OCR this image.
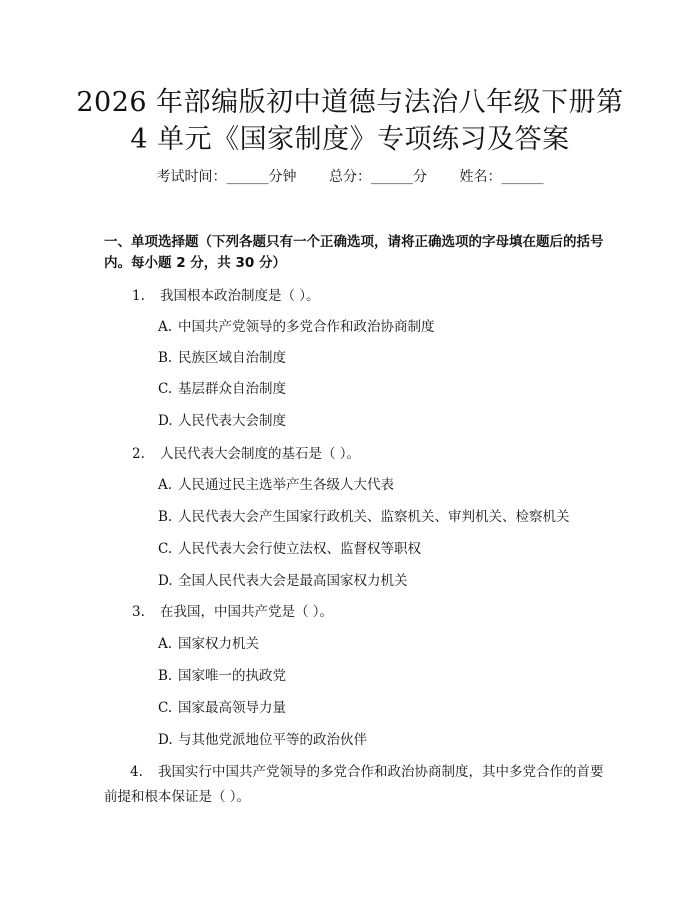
2026 年部编版初中道德与法治八年级下册第
4 单元《国家制度》专项练习及答案
考试时间：______分钟 总分：______分 姓名：______
一、单项选择题（下列各题只有一个正确选项，请将正确选项的字母填在题后的括号内。每小题 2 分，共 30 分）
1. 我国根本政治制度是（ ）。
A. 中国共产党领导的多党合作和政治协商制度
B. 民族区域自治制度
C. 基层群众自治制度
D. 人民代表大会制度
2. 人民代表大会制度的基石是（ ）。
A. 人民通过民主选举产生各级人大代表
B. 人民代表大会产生国家行政机关、监察机关、审判机关、检察机关
C. 人民代表大会行使立法权、监督权等职权
D. 全国人民代表大会是最高国家权力机关
3. 在我国，中国共产党是（ ）。
A. 国家权力机关
B. 国家唯一的执政党
C. 国家最高领导力量
D. 与其他党派地位平等的政治伙伴
4. 我国实行中国共产党领导的多党合作和政治协商制度，其中多党合作的首要前提和根本保证是（ ）。
